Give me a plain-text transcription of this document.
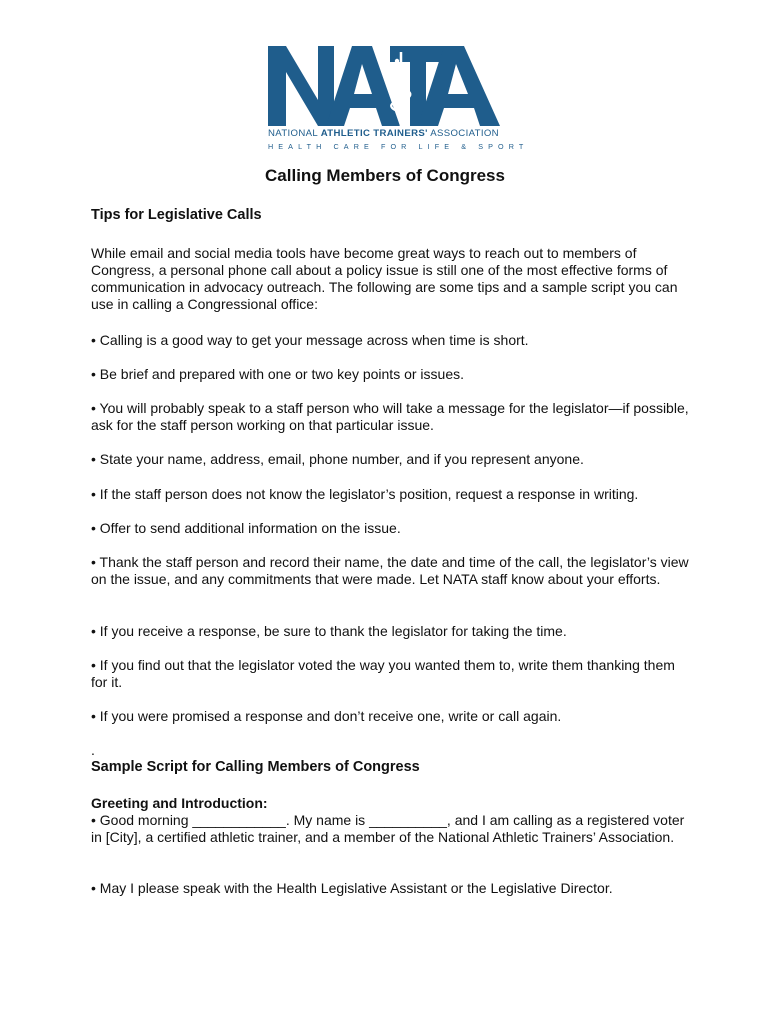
NATIONAL ATHLETIC TRAINERS' ASSOCIATION
HEALTH CARE FOR LIFE & SPORT
Calling Members of Congress

Tips for Legislative Calls

While email and social media tools have become great ways to reach out to members of Congress, a personal phone call about a policy issue is still one of the most effective forms of communication in advocacy outreach. The following are some tips and a sample script you can use in calling a Congressional office:

• Calling is a good way to get your message across when time is short.

• Be brief and prepared with one or two key points or issues.

• You will probably speak to a staff person who will take a message for the legislator—if possible, ask for the staff person working on that particular issue.

• State your name, address, email, phone number, and if you represent anyone.

• If the staff person does not know the legislator’s position, request a response in writing.

• Offer to send additional information on the issue.

• Thank the staff person and record their name, the date and time of the call, the legislator’s view on the issue, and any commitments that were made. Let NATA staff know about your efforts.

• If you receive a response, be sure to thank the legislator for taking the time.

• If you find out that the legislator voted the way you wanted them to, write them thanking them for it.

• If you were promised a response and don’t receive one, write or call again.

.

Sample Script for Calling Members of Congress

Greeting and Introduction:

• Good morning ____________. My name is __________, and I am calling as a registered voter in [City], a certified athletic trainer, and a member of the National Athletic Trainers’ Association.

• May I please speak with the Health Legislative Assistant or the Legislative Director.
